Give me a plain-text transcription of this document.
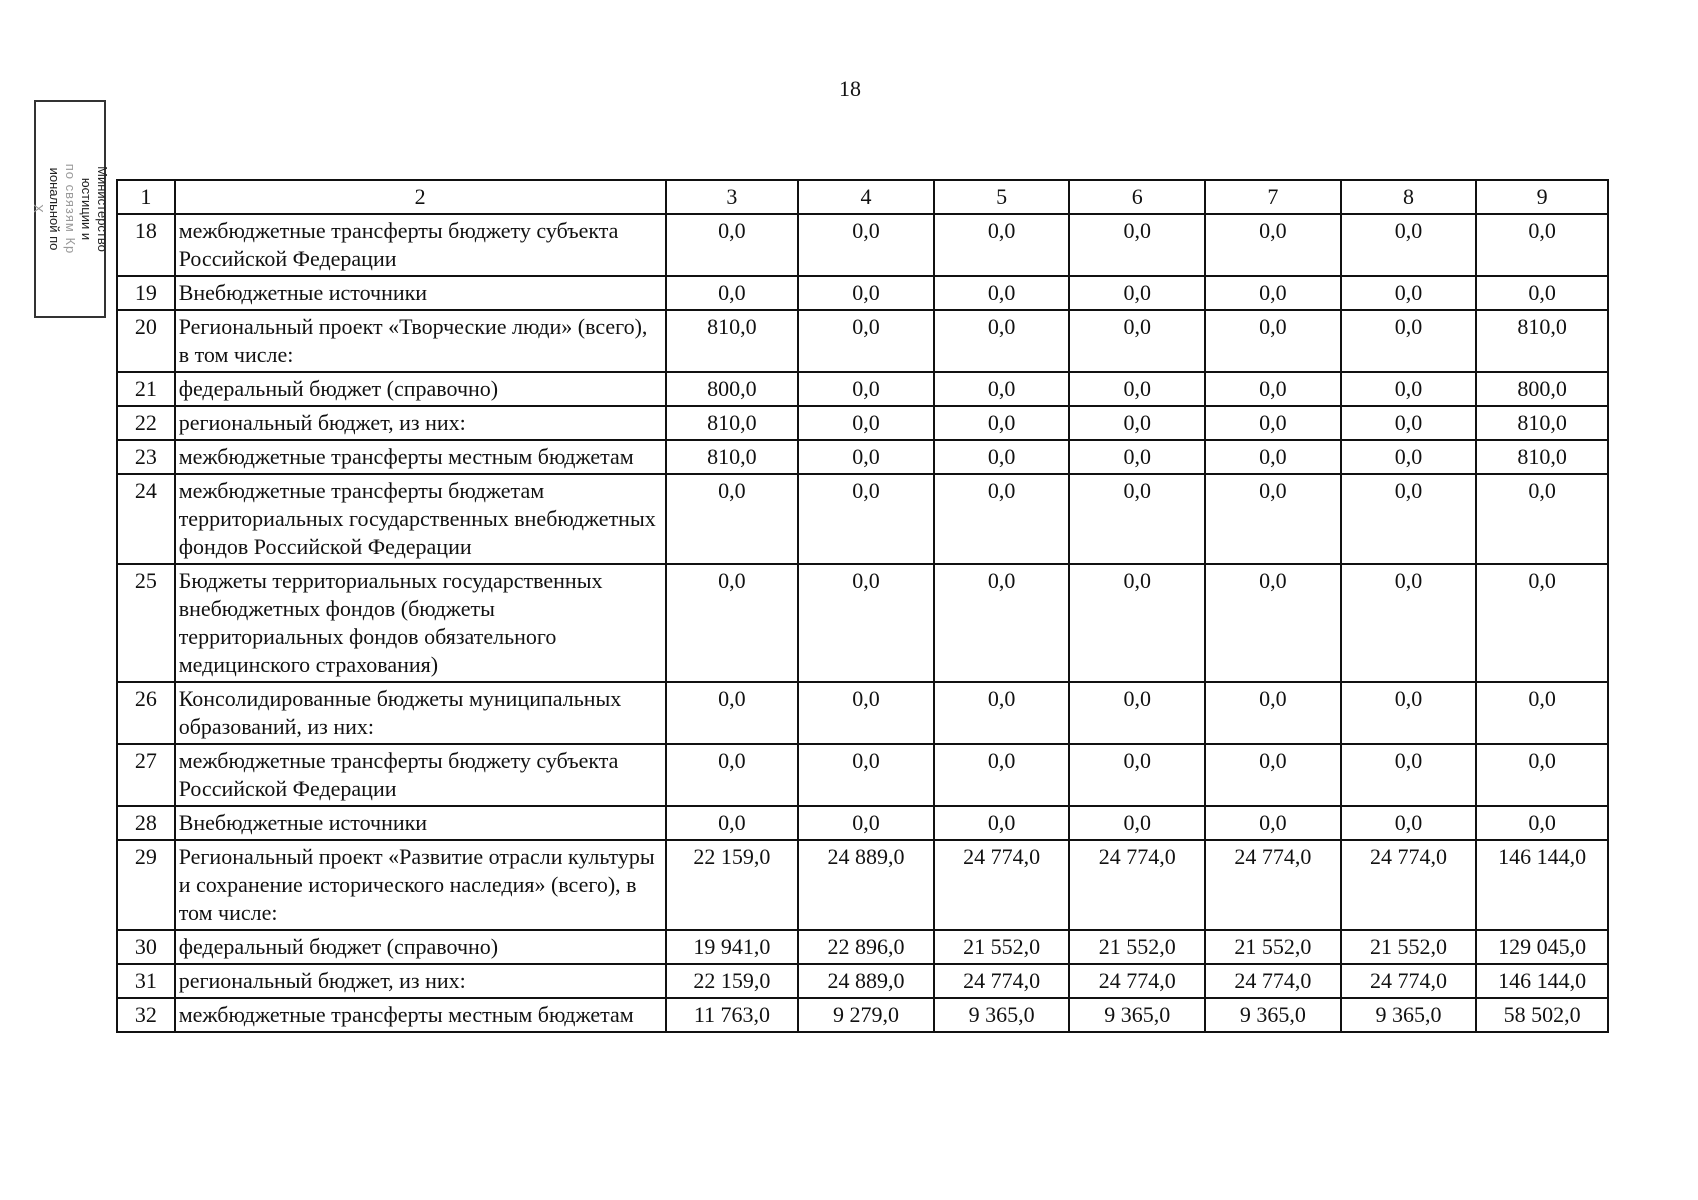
18
Министерство
юстиции и
по связям Кр
иональной по
Х	1	2	3	4	5	6	7	8	9
18	межбюджетные трансферты бюджету субъекта Российской Федерации	0,0	0,0	0,0	0,0	0,0	0,0	0,0
19	Внебюджетные источники	0,0	0,0	0,0	0,0	0,0	0,0	0,0
20	Региональный проект «Творческие люди» (всего), в том числе:	810,0	0,0	0,0	0,0	0,0	0,0	810,0
21	федеральный бюджет (справочно)	800,0	0,0	0,0	0,0	0,0	0,0	800,0
22	региональный бюджет, из них:	810,0	0,0	0,0	0,0	0,0	0,0	810,0
23	межбюджетные трансферты местным бюджетам	810,0	0,0	0,0	0,0	0,0	0,0	810,0
24	межбюджетные трансферты бюджетам территориальных государственных внебюджетных фондов Российской Федерации	0,0	0,0	0,0	0,0	0,0	0,0	0,0
25	Бюджеты территориальных государственных внебюджетных фондов (бюджеты территориальных фондов обязательного медицинского страхования)	0,0	0,0	0,0	0,0	0,0	0,0	0,0
26	Консолидированные бюджеты муниципальных образований, из них:	0,0	0,0	0,0	0,0	0,0	0,0	0,0
27	межбюджетные трансферты бюджету субъекта Российской Федерации	0,0	0,0	0,0	0,0	0,0	0,0	0,0
28	Внебюджетные источники	0,0	0,0	0,0	0,0	0,0	0,0	0,0
29	Региональный проект «Развитие отрасли культуры и сохранение исторического наследия» (всего), в том числе:	22 159,0	24 889,0	24 774,0	24 774,0	24 774,0	24 774,0	146 144,0
30	федеральный бюджет (справочно)	19 941,0	22 896,0	21 552,0	21 552,0	21 552,0	21 552,0	129 045,0
31	региональный бюджет, из них:	22 159,0	24 889,0	24 774,0	24 774,0	24 774,0	24 774,0	146 144,0
32	межбюджетные трансферты местным бюджетам	11 763,0	9 279,0	9 365,0	9 365,0	9 365,0	9 365,0	58 502,0
